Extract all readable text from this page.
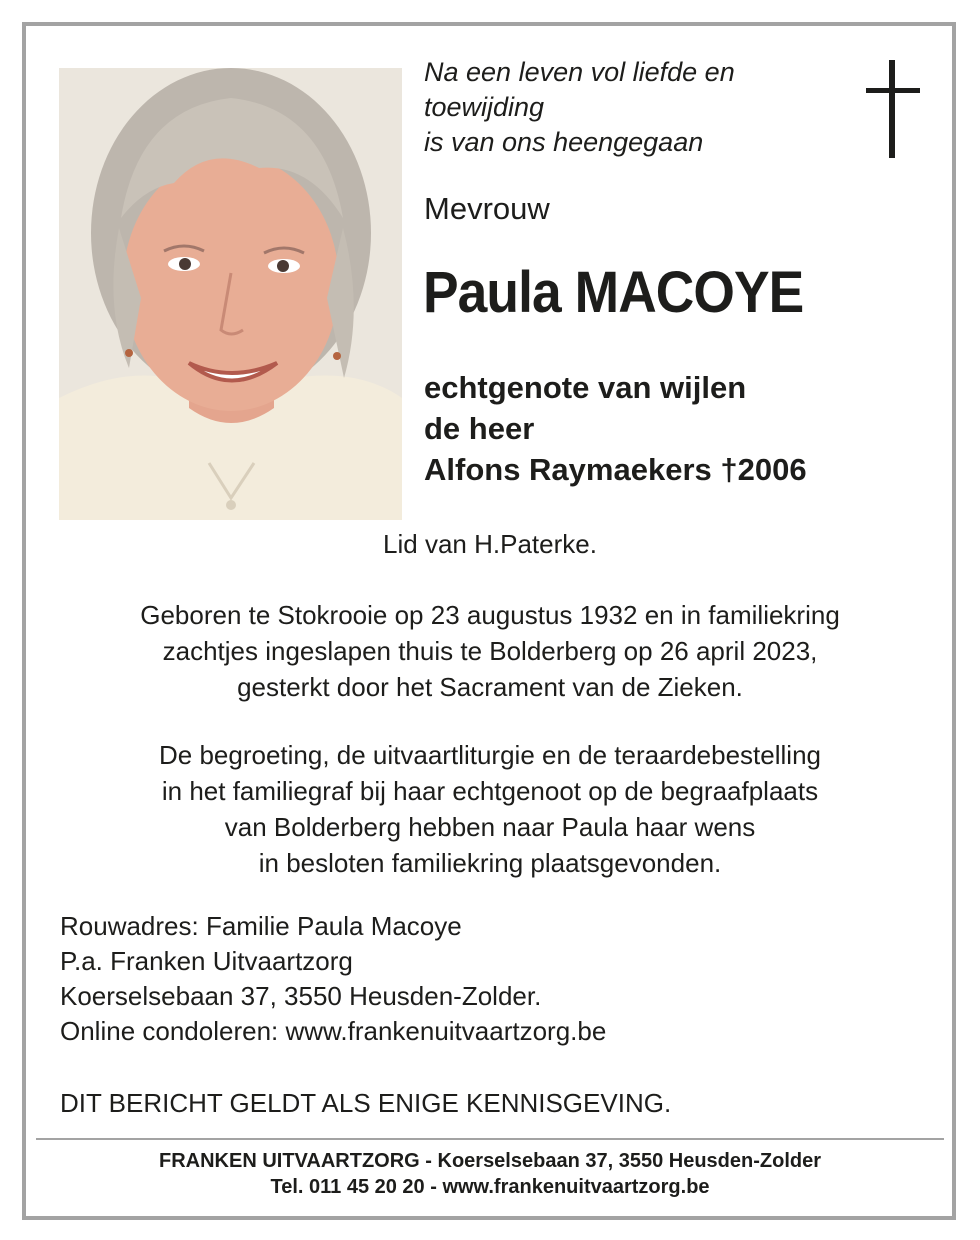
Na een leven vol liefde en
toewijding
is van ons heengegaan
Mevrouw
Paula MACOYE
echtgenote van wijlen
de heer
Alfons Raymaekers †2006
Lid van H.Paterke.
Geboren te Stokrooie op 23 augustus 1932 en in familiekring
zachtjes ingeslapen thuis te Bolderberg op 26 april 2023,
gesterkt door het Sacrament van de Zieken.
De begroeting, de uitvaartliturgie en de teraardebestelling
in het familiegraf bij haar echtgenoot op de begraafplaats
van Bolderberg hebben naar Paula haar wens
in besloten familiekring plaatsgevonden.
Rouwadres: Familie Paula Macoye
P.a. Franken Uitvaartzorg
Koerselsebaan 37, 3550 Heusden-Zolder.
Online condoleren: www.frankenuitvaartzorg.be
DIT BERICHT GELDT ALS ENIGE KENNISGEVING.
FRANKEN UITVAARTZORG - Koerselsebaan 37, 3550 Heusden-Zolder
Tel. 011 45 20 20 - www.frankenuitvaartzorg.be
